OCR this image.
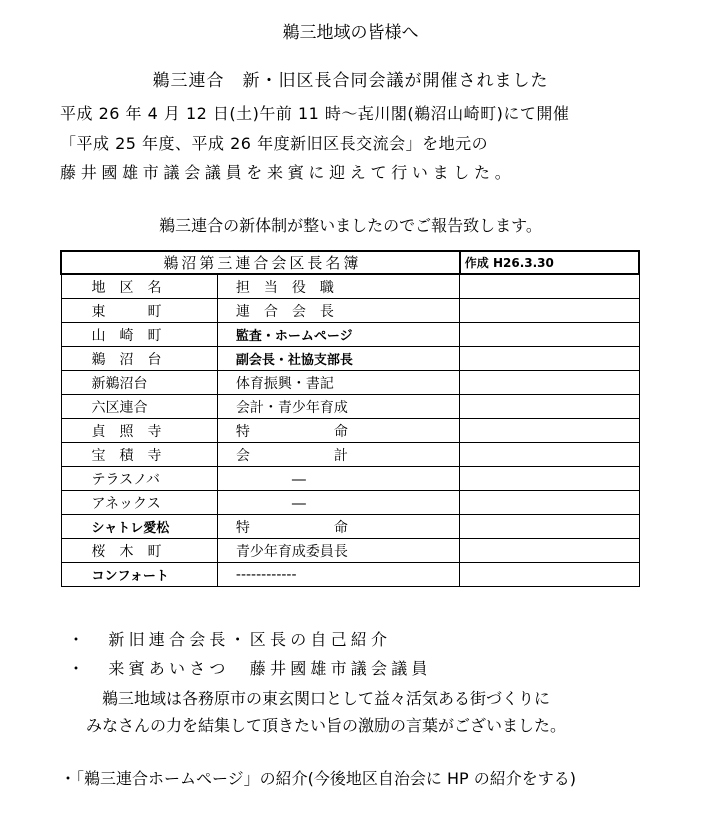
鵜三地域の皆様へ
鵜三連合　新・旧区長合同会議が開催されました
平成 26 年 4 月 12 日(土)午前 11 時～㐂川閣(鵜沼山崎町)にて開催
「平成 25 年度、平成 26 年度新旧区長交流会」を地元の
藤井國雄市議会議員を来賓に迎えて行いました。
鵜三連合の新体制が整いましたのでご報告致します。
鵜沼第三連合会区長名簿		作成 H26.3.30
地　区　名	担　当　役　職	
東　　　町	連　合　会　長	
山　崎　町	監査・ホームページ	
鵜　沼　台	副会長・社協支部長	
新鵜沼台	体育振興・書記	
六区連合	会計・青少年育成	
貞　照　寺	特　　　　　　命	
宝　積　寺	会　　　　　　計	
テラスノバ	　　　　―	
アネックス	　　　　―	
シャトレ愛松	特　　　　　　命	
桜　木　町	青少年育成委員長	
コンフォート	------------	
・　新旧連合会長・区長の自己紹介
・　来賓あいさつ　藤井國雄市議会議員
鵜三地域は各務原市の東玄関口として益々活気ある街づくりに
みなさんの力を結集して頂きたい旨の激励の言葉がございました。
・「鵜三連合ホームページ」の紹介(今後地区自治会に HP の紹介をする)
